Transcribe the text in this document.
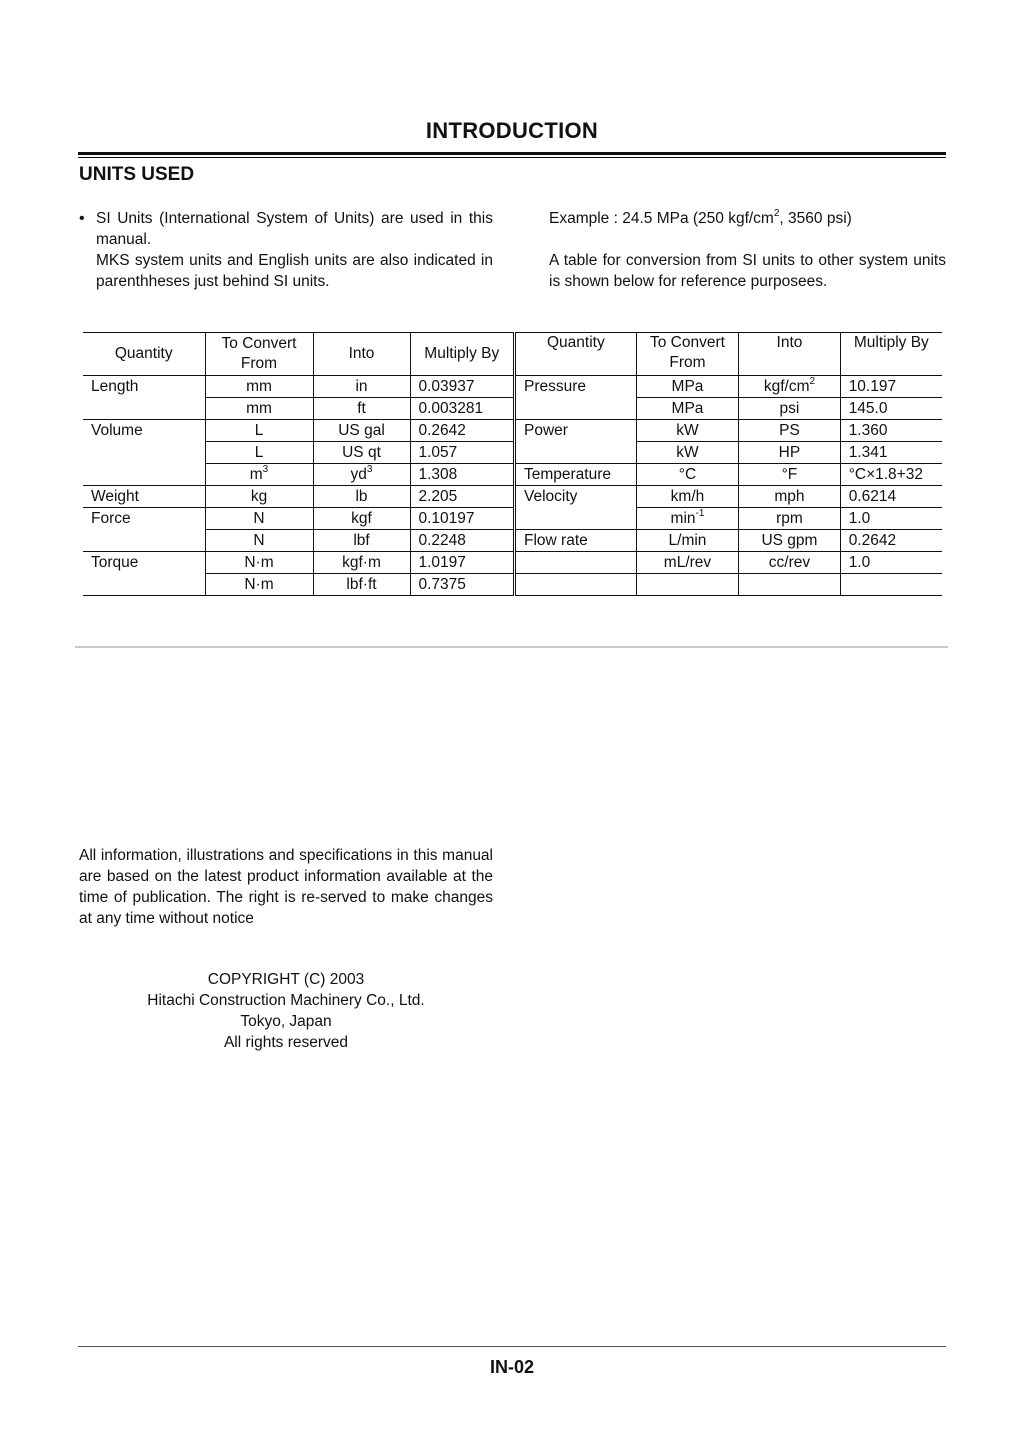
INTRODUCTION
UNITS USED
• SI Units (International System of Units) are used in this manual.

MKS system units and English units are also indicated in parenthheses just behind SI units.

Example : 24.5 MPa (250 kgf/$cm^2$, 3560 psi)

A table for conversion from SI units to other system units is shown below for reference purposees.

Quantity	To Convert From	Into	Multiply By
Length	mm	in	0.03937
	mm	ft	0.003281
Volume	L	US gal	0.2642
	L	US qt	1.057
	$m^3$	$yd^3$	1.308
Weight	kg	lb	2.205
Force	N	kgf	0.10197
	N	lbf	0.2248
Torque	N·m	kgf·m	1.0197
	N·m	lbf·ft	0.7375
Quantity	To Convert From	Into	Multiply By
Pressure	MPa	kgf/$cm^2$	10.197
	MPa	psi	145.0
Power	kW	PS	1.360
	kW	HP	1.341
Temperature	°C	°F	°C×1.8+32
Velocity	km/h	mph	0.6214
	$\min^{-1}$	rpm	1.0
Flow rate	L/min	US gpm	0.2642
	mL/rev	cc/rev	1.0

All information, illustrations and specifications in this manual are based on the latest product information available at the time of publication. The right is re-served to make changes at any time without notice

COPYRIGHT (C) 2003
Hitachi Construction Machinery Co., Ltd.
Tokyo, Japan
All rights reserved
IN-02
